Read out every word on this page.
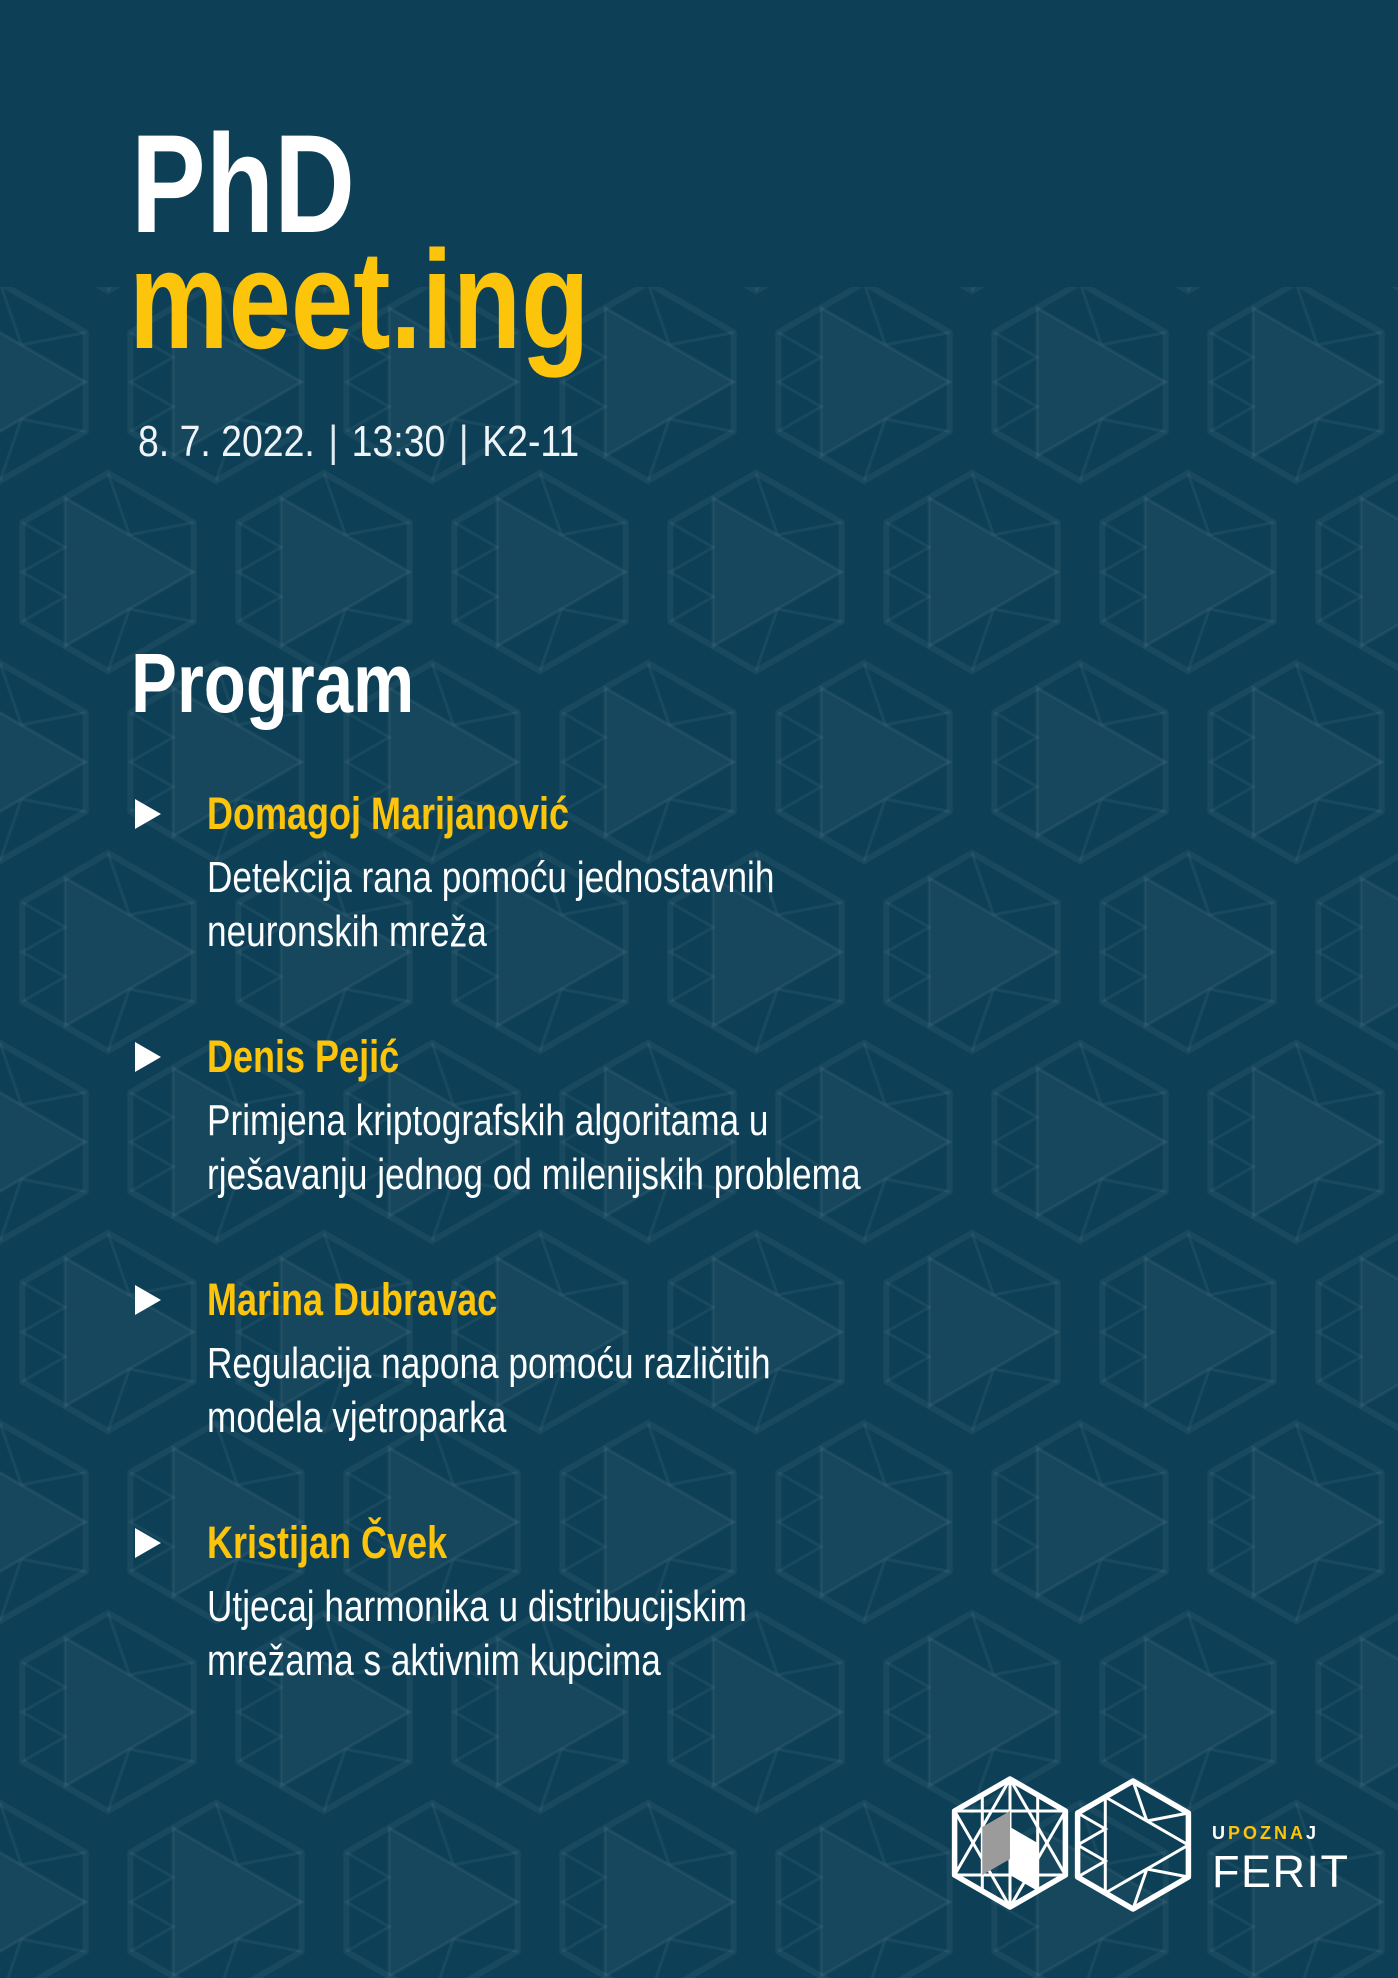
PhD
meet.ing
8. 7. 2022. | 13:30 | K2-11
Program
Domagoj Marijanović
Detekcija rana pomoću jednostavnih
neuronskih mreža
Denis Pejić
Primjena kriptografskih algoritama u
rješavanju jednog od milenijskih problema
Marina Dubravac
Regulacija napona pomoću različitih
modela vjetroparka
Kristijan Čvek
Utjecaj harmonika u distribucijskim
mrežama s aktivnim kupcima
UPOZNAJ
FERIT
